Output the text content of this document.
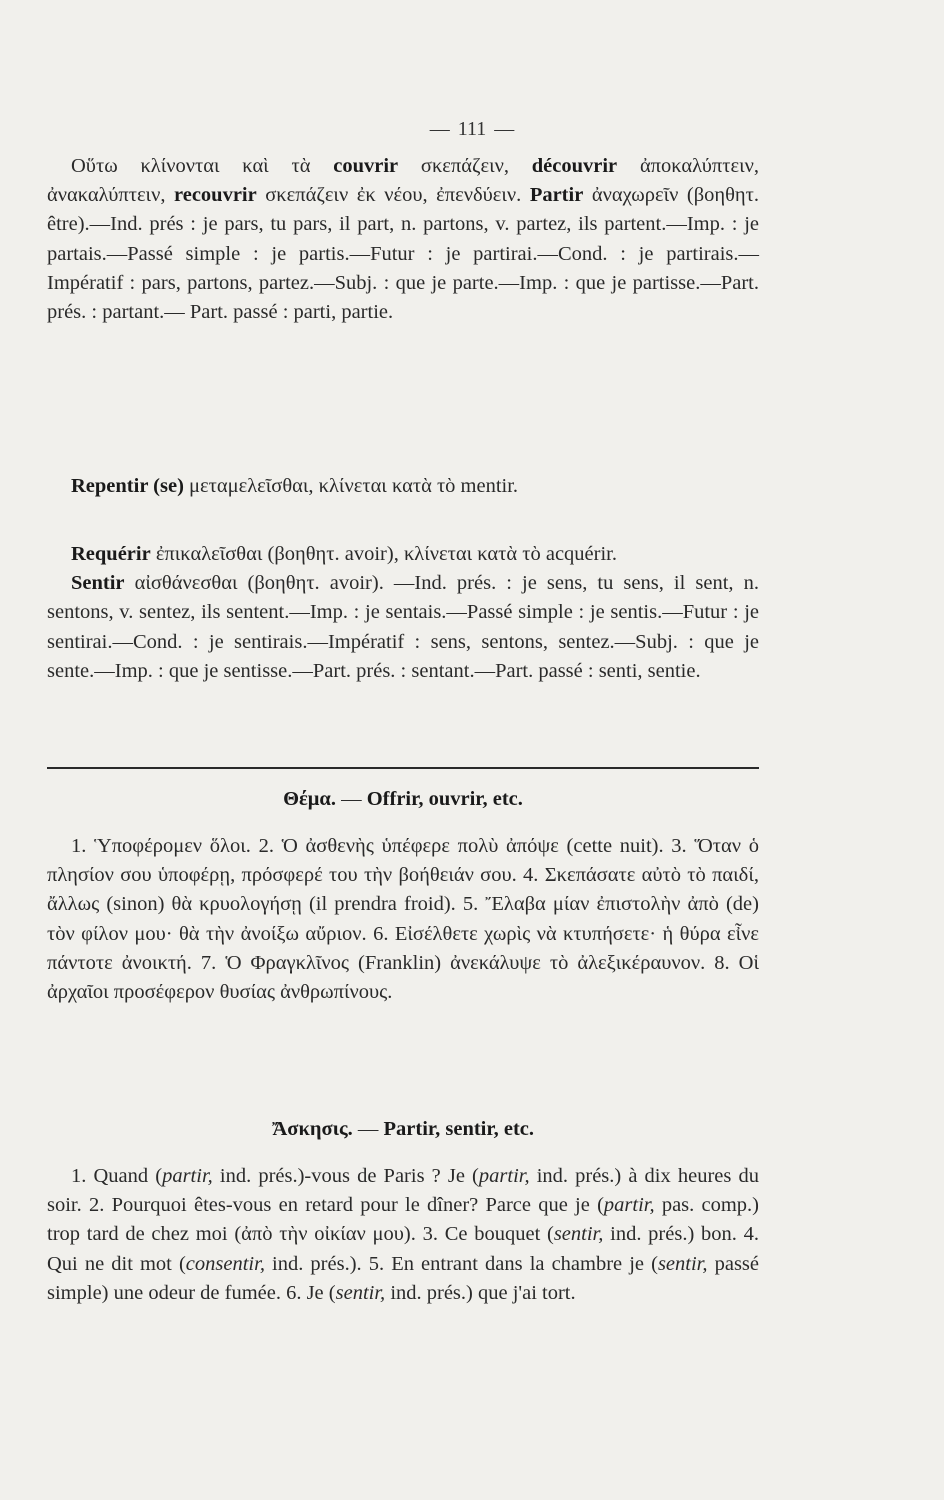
— 111 —

Οὕτω κλίνονται καὶ τὰ couvrir σκεπάζειν, découvrir ἀποκαλύπτειν, ἀνακαλύπτειν, recouvrir σκεπάζειν ἐκ νέου, ἐπενδύειν. Partir ἀναχωρεῖν (βοηθητ. être).—Ind. prés : je pars, tu pars, il part, n. partons, v. partez, ils partent.—Imp. : je partais.—Passé simple : je partis.—Futur : je partirai.—Cond. : je partirais.— Impératif : pars, partons, partez.—Subj. : que je parte.—Imp. : que je partisse.—Part. prés. : partant.— Part. passé : parti, partie.

Repentir (se) μεταμελεῖσθαι, κλίνεται κατὰ τὸ mentir.

Requérir ἐπικαλεῖσθαι (βοηθητ. avoir), κλίνεται κατὰ τὸ acquérir.

Sentir αἰσθάνεσθαι (βοηθητ. avoir). —Ind. prés. : je sens, tu sens, il sent, n. sentons, v. sentez, ils sentent.—Imp. : je sentais.—Passé simple : je sentis.—Futur : je sentirai.—Cond. : je sentirais.—Impératif : sens, sentons, sentez.—Subj. : que je sente.—Imp. : que je sentisse.—Part. prés. : sentant.—Part. passé : senti, sentie.

Θέμα. — Offrir, ouvrir, etc.

1. Ὑποφέρομεν ὅλοι. 2. Ὁ ἀσθενὴς ὑπέφερε πολὺ ἀπόψε (cette nuit). 3. Ὅταν ὁ πλησίον σου ὑποφέρῃ, πρόσφερέ του τὴν βοήθειάν σου. 4. Σκεπάσατε αὐτὸ τὸ παιδί, ἄλλως (sinon) θὰ κρυολογήσῃ (il prendra froid). 5. Ἔλαβα μίαν ἐπιστολὴν ἀπὸ (de) τὸν φίλον μου· θὰ τὴν ἀνοίξω αὔριον. 6. Εἰσέλθετε χωρὶς νὰ κτυπήσετε· ἡ θύρα εἶνε πάντοτε ἀνοικτή. 7. Ὁ Φραγκλῖνος (Franklin) ἀνεκάλυψε τὸ ἀλεξικέραυνον. 8. Οἱ ἀρχαῖοι προσέφερον θυσίας ἀνθρωπίνους.

Ἄσκησις. — Partir, sentir, etc.

1. Quand (partir, ind. prés.)-vous de Paris ? Je (partir, ind. prés.) à dix heures du soir. 2. Pourquoi êtes-vous en retard pour le dîner? Parce que je (partir, pas. comp.) trop tard de chez moi (ἀπὸ τὴν οἰκίαν μου). 3. Ce bouquet (sentir, ind. prés.) bon. 4. Qui ne dit mot (consentir, ind. prés.). 5. En entrant dans la chambre je (sentir, passé simple) une odeur de fumée. 6. Je (sentir, ind. prés.) que j'ai tort.
